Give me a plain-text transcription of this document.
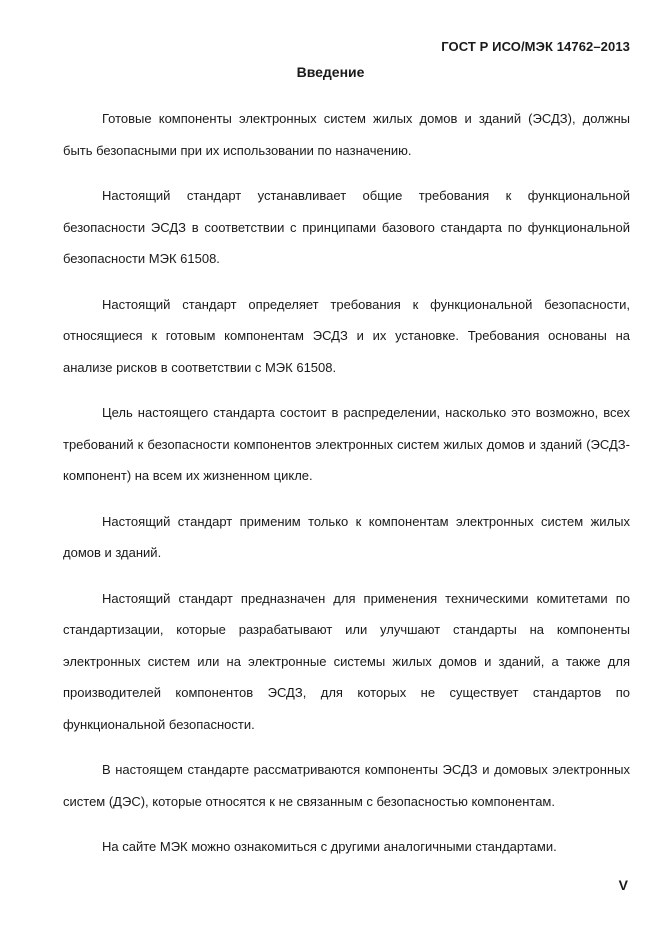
ГОСТ Р ИСО/МЭК 14762–2013
Введение

Готовые компоненты электронных систем жилых домов и зданий (ЭСДЗ), должны быть безопасными при их использовании по назначению.

Настоящий стандарт устанавливает общие требования к функциональной безопасности ЭСДЗ в соответствии с принципами базового стандарта по функциональной безопасности МЭК 61508.

Настоящий стандарт определяет требования к функциональной безопасности, относящиеся к готовым компонентам ЭСДЗ и их установке. Требования основаны на анализе рисков в соответствии с МЭК 61508.

Цель настоящего стандарта состоит в распределении, насколько это возможно, всех требований к безопасности компонентов электронных систем жилых домов и зданий (ЭСДЗ-компонент) на всем их жизненном цикле.

Настоящий стандарт применим только к компонентам электронных систем жилых домов и зданий.

Настоящий стандарт предназначен для применения техническими комитетами по стандартизации, которые разрабатывают или улучшают стандарты на компоненты электронных систем или на электронные системы жилых домов и зданий, а также для производителей компонентов ЭСДЗ, для которых не существует стандартов по функциональной безопасности.

В настоящем стандарте рассматриваются компоненты ЭСДЗ и домовых электронных систем (ДЭС), которые относятся к не связанным с безопасностью компонентам.

На сайте МЭК можно ознакомиться с другими аналогичными стандартами.

V
